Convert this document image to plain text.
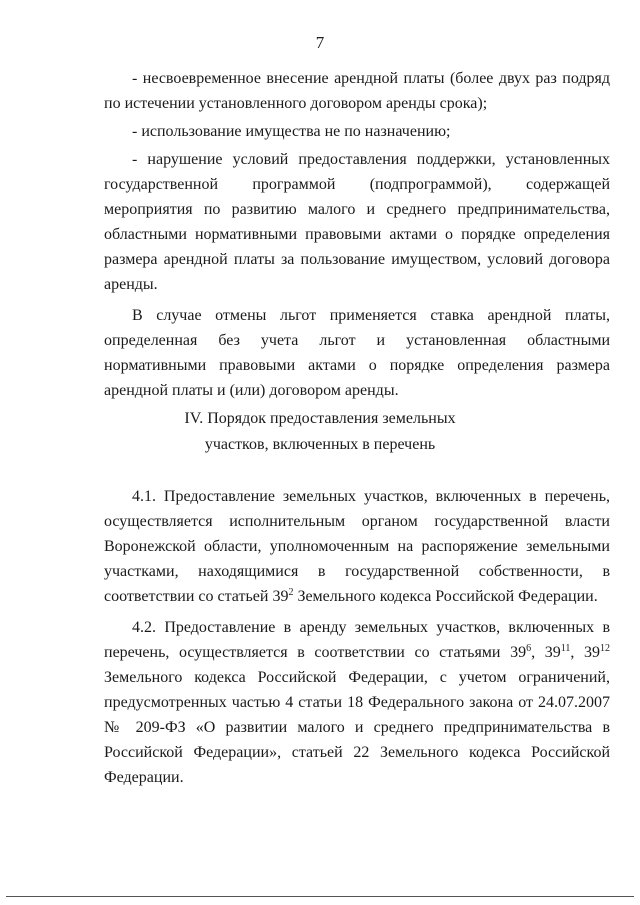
7

- несвоевременное внесение арендной платы (более двух раз подряд по истечении установленного договором аренды срока);

- использование имущества не по назначению;

- нарушение условий предоставления поддержки, установленных государственной программой (подпрограммой), содержащей мероприятия по развитию малого и среднего предпринимательства, областными нормативными правовыми актами о порядке определения размера арендной платы за пользование имуществом, условий договора аренды.

В случае отмены льгот применяется ставка арендной платы, определенная без учета льгот и установленная областными нормативными правовыми актами о порядке определения размера арендной платы и (или) договором аренды.

IV. Порядок предоставления земельных
участков, включенных в перечень

4.1. Предоставление земельных участков, включенных в перечень, осуществляется исполнительным органом государственной власти Воронежской области, уполномоченным на распоряжение земельными участками, находящимися в государственной собственности, в соответствии со статьей $39^2$ Земельного кодекса Российской Федерации.

4.2. Предоставление в аренду земельных участков, включенных в перечень, осуществляется в соответствии со статьями $39^6$, $39^{11}$, $39^{12}$ Земельного кодекса Российской Федерации, с учетом ограничений, предусмотренных частью 4 статьи 18 Федерального закона от 24.07.2007 № 209-ФЗ «О развитии малого и среднего предпринимательства в Российской Федерации», статьей 22 Земельного кодекса Российской Федерации.
